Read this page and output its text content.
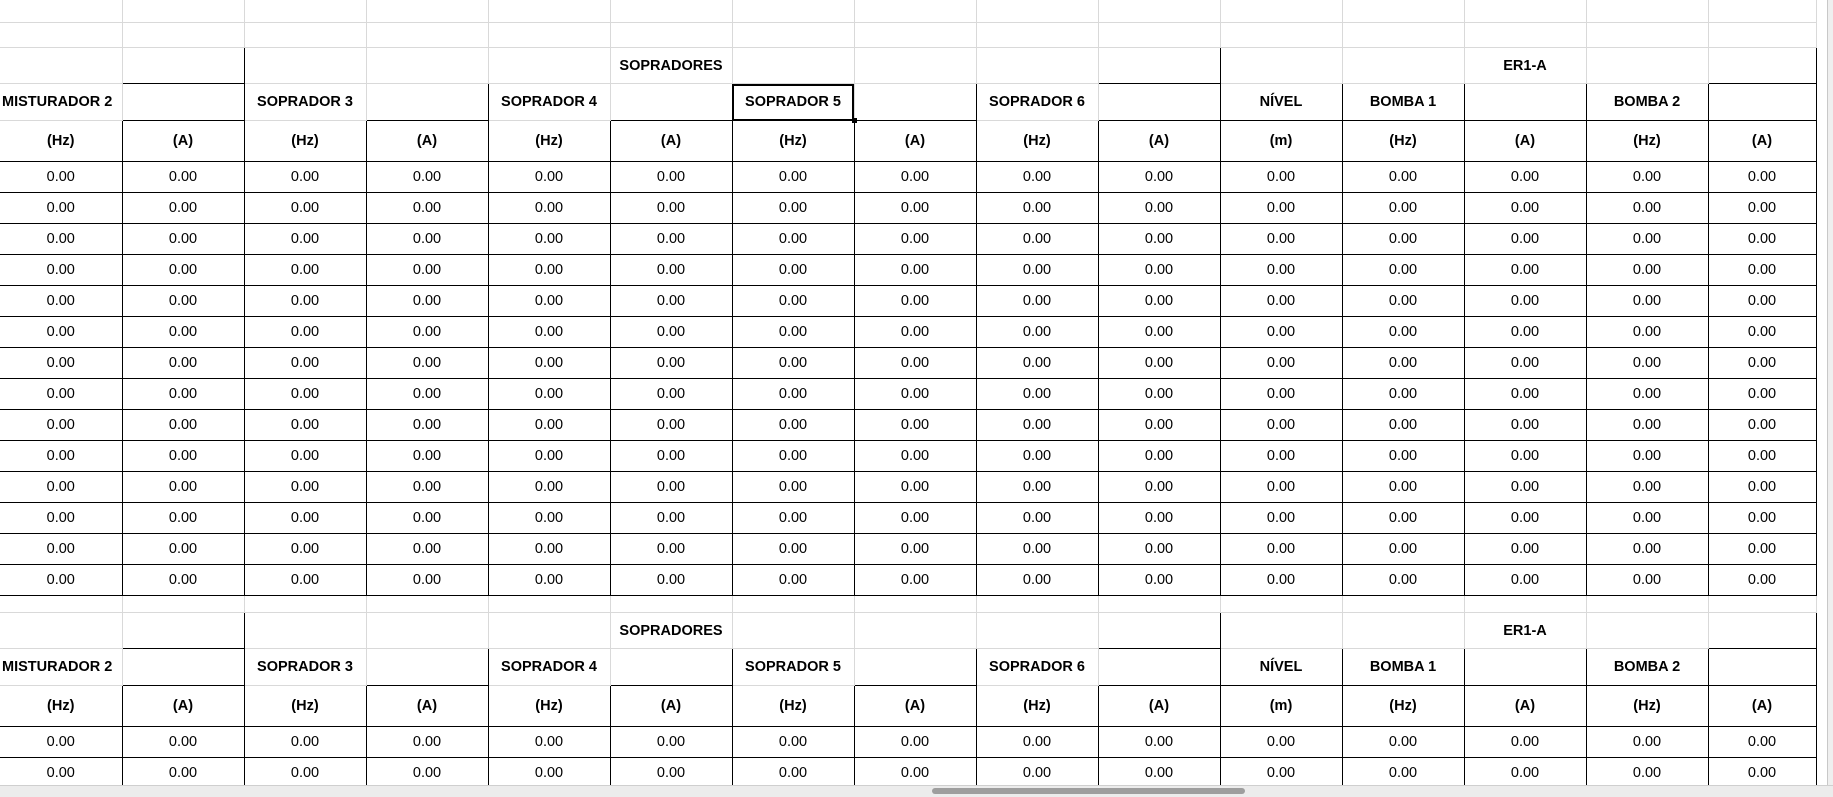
					SOPRADORES							ER1-A		
MISTURADOR 2		SOPRADOR 3		SOPRADOR 4		SOPRADOR 5		SOPRADOR 6		NÍVEL	BOMBA 1		BOMBA 2	
(Hz)	(A)	(Hz)	(A)	(Hz)	(A)	(Hz)	(A)	(Hz)	(A)	(m)	(Hz)	(A)	(Hz)	(A)
0.00	0.00	0.00	0.00	0.00	0.00	0.00	0.00	0.00	0.00	0.00	0.00	0.00	0.00	0.00
0.00	0.00	0.00	0.00	0.00	0.00	0.00	0.00	0.00	0.00	0.00	0.00	0.00	0.00	0.00
0.00	0.00	0.00	0.00	0.00	0.00	0.00	0.00	0.00	0.00	0.00	0.00	0.00	0.00	0.00
0.00	0.00	0.00	0.00	0.00	0.00	0.00	0.00	0.00	0.00	0.00	0.00	0.00	0.00	0.00
0.00	0.00	0.00	0.00	0.00	0.00	0.00	0.00	0.00	0.00	0.00	0.00	0.00	0.00	0.00
0.00	0.00	0.00	0.00	0.00	0.00	0.00	0.00	0.00	0.00	0.00	0.00	0.00	0.00	0.00
0.00	0.00	0.00	0.00	0.00	0.00	0.00	0.00	0.00	0.00	0.00	0.00	0.00	0.00	0.00
0.00	0.00	0.00	0.00	0.00	0.00	0.00	0.00	0.00	0.00	0.00	0.00	0.00	0.00	0.00
0.00	0.00	0.00	0.00	0.00	0.00	0.00	0.00	0.00	0.00	0.00	0.00	0.00	0.00	0.00
0.00	0.00	0.00	0.00	0.00	0.00	0.00	0.00	0.00	0.00	0.00	0.00	0.00	0.00	0.00
0.00	0.00	0.00	0.00	0.00	0.00	0.00	0.00	0.00	0.00	0.00	0.00	0.00	0.00	0.00
0.00	0.00	0.00	0.00	0.00	0.00	0.00	0.00	0.00	0.00	0.00	0.00	0.00	0.00	0.00
0.00	0.00	0.00	0.00	0.00	0.00	0.00	0.00	0.00	0.00	0.00	0.00	0.00	0.00	0.00
0.00	0.00	0.00	0.00	0.00	0.00	0.00	0.00	0.00	0.00	0.00	0.00	0.00	0.00	0.00

					SOPRADORES							ER1-A		
MISTURADOR 2		SOPRADOR 3		SOPRADOR 4		SOPRADOR 5		SOPRADOR 6		NÍVEL	BOMBA 1		BOMBA 2	
(Hz)	(A)	(Hz)	(A)	(Hz)	(A)	(Hz)	(A)	(Hz)	(A)	(m)	(Hz)	(A)	(Hz)	(A)
0.00	0.00	0.00	0.00	0.00	0.00	0.00	0.00	0.00	0.00	0.00	0.00	0.00	0.00	0.00
0.00	0.00	0.00	0.00	0.00	0.00	0.00	0.00	0.00	0.00	0.00	0.00	0.00	0.00	0.00
